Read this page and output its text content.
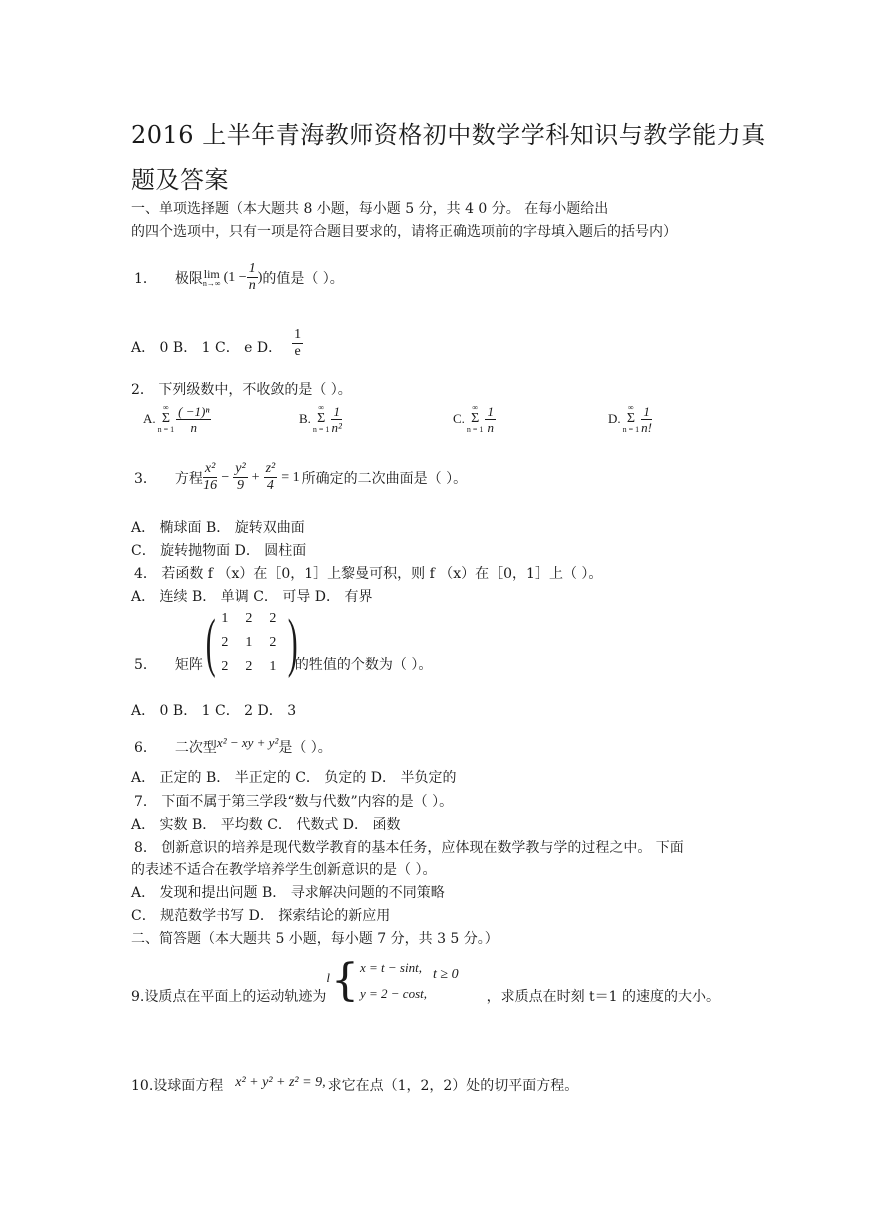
2016 上半年青海教师资格初中数学学科知识与教学能力真
题及答案
一、单项选择题（本大题共 8 小题，每小题 5 分，共 4 0 分。 在每小题给出
的四个选项中，只有一项是符合题目要求的，请将正确选项前的字母填入题后的括号内）
1． 极限 lim
n→∞ ($1 - \frac{1}{n}$ ) 的值是（ ）。
A． 0 B． 1 C． e D． $\frac{1}{e}$
2． 下列级数中，不收敛的是（ ）。
A.
∞
Σ
$n = 1 \frac{\text{( −1)ⁿ}}{n}$	B.
∞
Σ
$n = 1 \frac{1}{\text{n²}}$	C.
∞
Σ
$n = 1 \frac{1}{n}$	D.
∞
Σ
$n = 1 \frac{1}{n!}$
3． 方程 $\frac{\text{x²}}{16} - \frac{\text{y²}}{9} + \frac{\text{z²}}{4} = 1$ 所确定的二次曲面是（ ）。
A． 椭球面 B． 旋转双曲面
C． 旋转抛物面 D． 圆柱面
4． 若函数 f （x）在［0，1］上黎曼可积，则 f （x）在［0，1］上（ ）。
A． 连续 B． 单调 C． 可导 D． 有界
5． 矩阵 ( 1	2	2
2	1	2
2	2	1 )
的牲值的个数为（ ）。
A． 0 B． 1 C． 2 D． 3
6． 二次型 x² − xy + y² 是（ ）。
A． 正定的 B． 半正定的 C． 负定的 D． 半负定的
7． 下面不属于第三学段“数与代数”内容的是（ ）。
A． 实数 B． 平均数 C． 代数式 D． 函数
8． 创新意识的培养是现代数学教育的基本任务，应体现在数学教与学的过程之中。 下面
的表述不适合在教学培养学生创新意识的是（ ）。
A． 发现和提出问题 B． 寻求解决问题的不同策略
C． 规范数学书写 D． 探索结论的新应用
二、简答题（本大题共 5 小题，每小题 7 分，共 3 5 分。）
9.设质点在平面上的运动轨迹为
l { x = t − sint,
y = 2 − cost,
t ≥ 0
，求质点在时刻 t＝1 的速度的大小。
10.设球面方程 x² + y² + z² = 9, 求它在点（1，2，2）处的切平面方程。
